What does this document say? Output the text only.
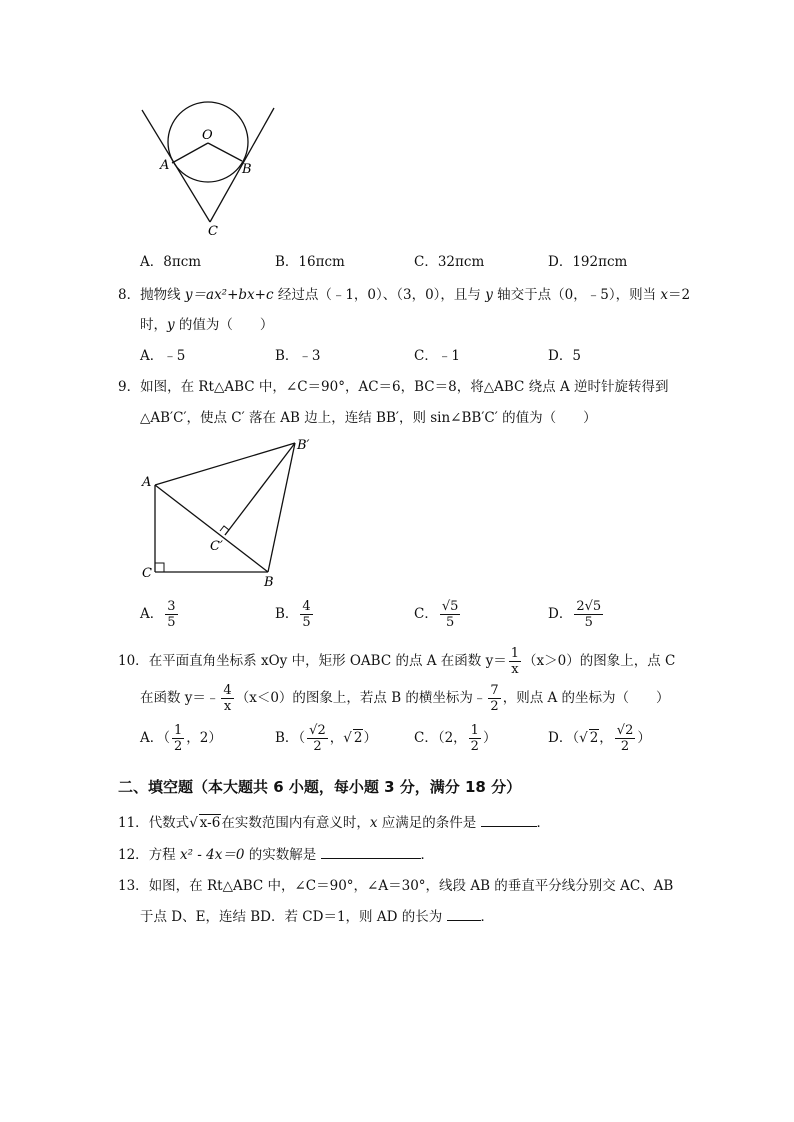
O
A	B
C
A．8πcm	B．16πcm	C．32πcm	D．192πcm
8．抛物线 y＝ax²+bx+c 经过点（﹣1，0）、（3，0），且与 y 轴交于点（0，﹣5），则当 x＝2
时，y 的值为（　　）
A．﹣5	B．﹣3	C．﹣1	D．5
9．如图，在 Rt△ABC 中，∠C＝90°，AC＝6，BC＝8，将△ABC 绕点 A 逆时针旋转得到
△AB′C′，使点 C′ 落在 AB 边上，连结 BB′，则 sin∠BB′C′ 的值为（　　）
A
C
B
B′
C′
A． $\frac{3}{5}$	B． $\frac{4}{5}$	C． $\frac{√5}{5}$	D． $\frac{2√5}{5}$
10．在平面直角坐标系 xOy 中，矩形 OABC 的点 A 在函数 $y= \frac{1}{x} (x>0)$的图象上，点 C
在函数 y＝﹣ $\frac{4}{x} (x<0)$的图象上，若点 B 的横坐标为﹣ $\frac{7}{2}$ ，则点 A 的坐标为（　　）
A．（ $\frac{1}{2}$ ，2）	B．（ $\frac{√2}{2}$ ，√ 2）	C．（2， $\frac{1}{2}$ ）	D．（√ 2， $\frac{√2}{2}$ ）
二、填空题（本大题共 6 小题，每小题 3 分，满分 18 分）
11．代数式√ x-6在实数范围内有意义时，x 应满足的条件是	．
12．方程 x² - 4x＝0 的实数解是	．
13．如图，在 Rt△ABC 中，∠C＝90°，∠A＝30°，线段 AB 的垂直平分线分别交 AC、AB
于点 D、E，连结 BD．若 CD＝1，则 AD 的长为	．
